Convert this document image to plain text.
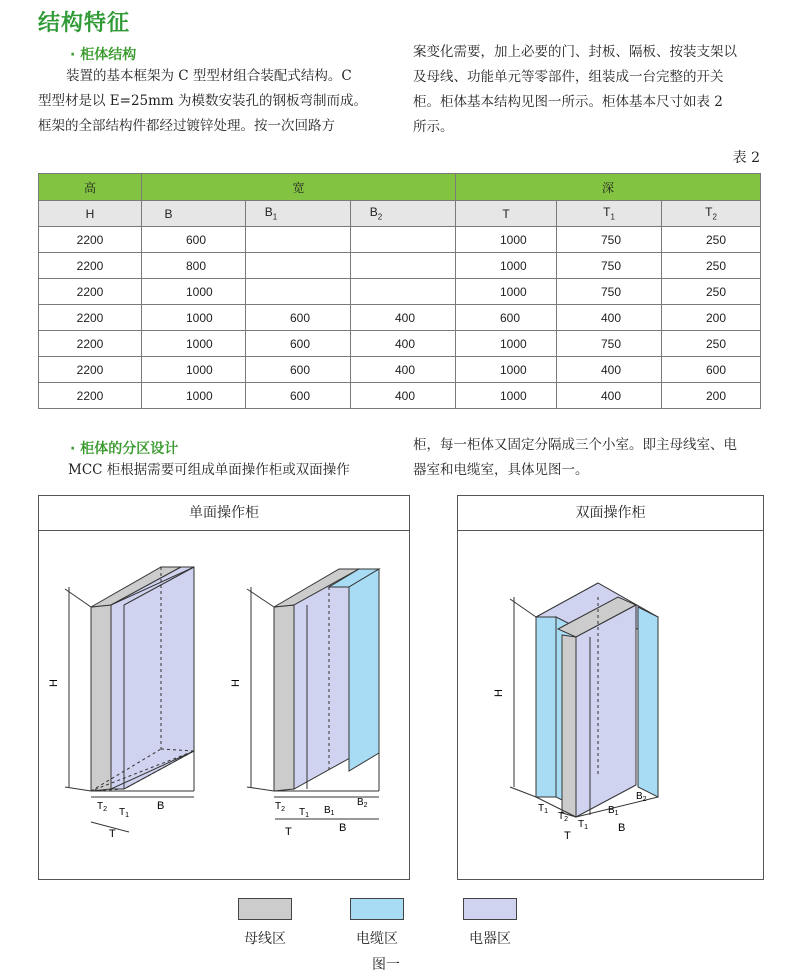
结构特征
· 柜体结构

装置的基本框架为 C 型型材组合装配式结构。C

型型材是以 E=25mm 为模数安装孔的钢板弯制而成。

框架的全部结构件都经过镀锌处理。按一次回路方

案变化需要，加上必要的门、封板、隔板、按装支架以

及母线、功能单元等零部件，组装成一台完整的开关

柜。柜体基本结构见图一所示。柜体基本尺寸如表 2

所示。

表 2
高	宽			深		
H	B	$B_1$	$B_2$	T	$T_1$	$T_2$
2200	600			1000	750	250
2200	800			1000	750	250
2200	1000			1000	750	250
2200	1000	600	400	600	400	200
2200	1000	600	400	1000	750	250
2200	1000	600	400	1000	400	600
2200	1000	600	400	1000	400	200
· 柜体的分区设计

MCC 柜根据需要可组成单面操作柜或双面操作

柜，每一柜体又固定分隔成三个小室。即主母线室、电

器室和电缆室，具体见图一。

单面操作柜
H
$T_2$ $T_1$
B
T
H
$T_2$ $T_1$ $B_1$
$B_2$
B
T
双面操作柜
H
$T_1$ $T_2$ $T_1$
$B_1$
$B_2$
T
B
母线区	电缆区	电器区
图一
